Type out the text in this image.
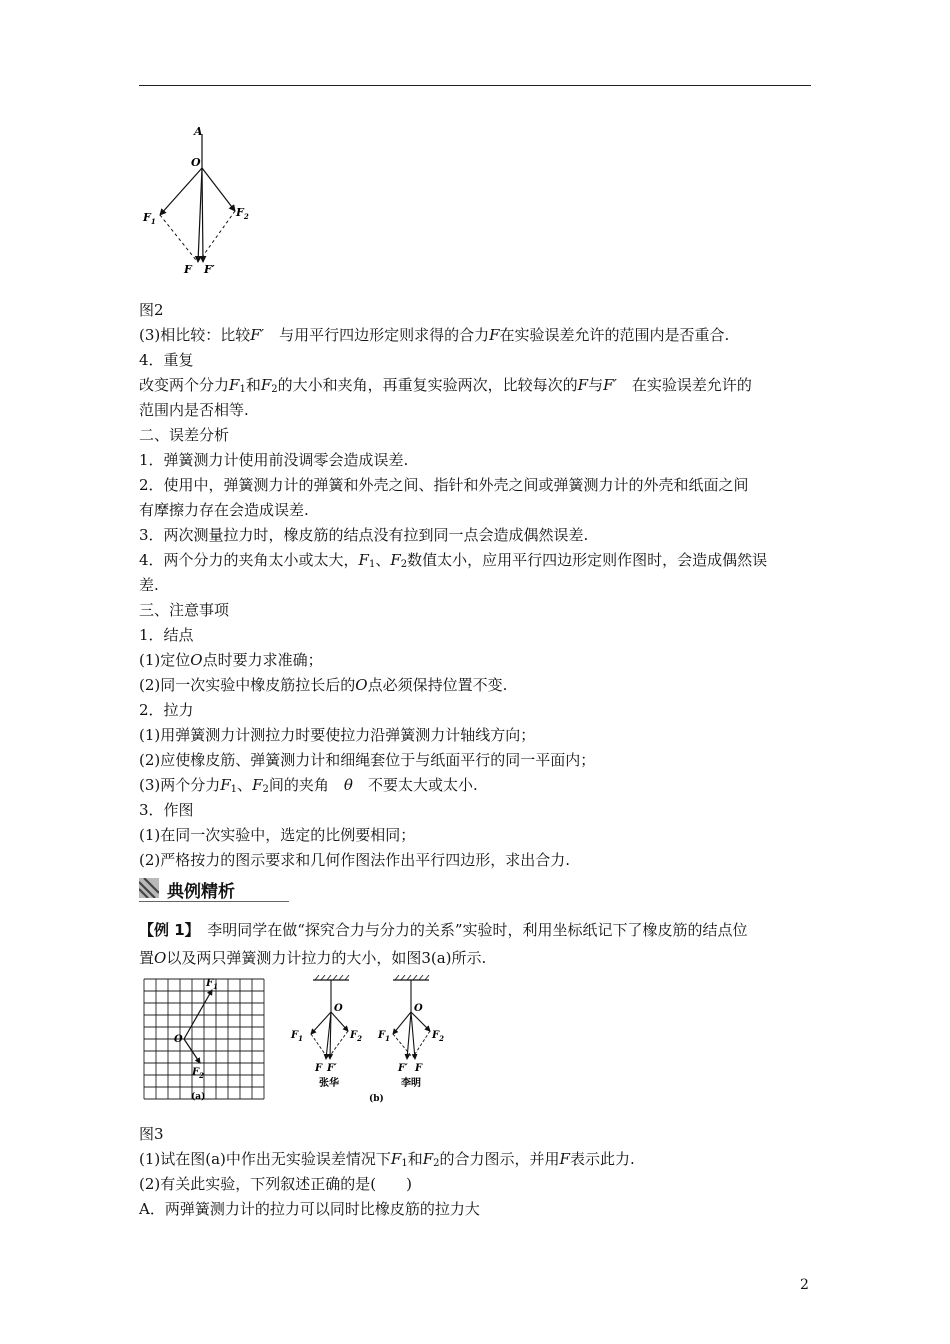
A
O
$F_1$
$F_2$
F F′
图2
(3)相比较：比较F′　 与用平行四边形定则求得的合力F在实验误差允许的范围内是否重合.
4．重复
改变两个分力$F_1$和$F_2$的大小和夹角，再重复实验两次，比较每次的F与F′　 在实验误差允许的
范围内是否相等.
二、误差分析
1．弹簧测力计使用前没调零会造成误差.
2．使用中，弹簧测力计的弹簧和外壳之间、指针和外壳之间或弹簧测力计的外壳和纸面之间
有摩擦力存在会造成误差.
3．两次测量拉力时，橡皮筋的结点没有拉到同一点会造成偶然误差.
4．两个分力的夹角太小或太大，$F_1$、$F_2$数值太小，应用平行四边形定则作图时，会造成偶然误
差.
三、注意事项
1．结点
(1)定位O点时要力求准确；
(2)同一次实验中橡皮筋拉长后的O点必须保持位置不变.
2．拉力
(1)用弹簧测力计测拉力时要使拉力沿弹簧测力计轴线方向；
(2)应使橡皮筋、弹簧测力计和细绳套位于与纸面平行的同一平面内；
(3)两个分力$F_1$、$F_2$间的夹角　 θ　 不要太大或太小.
3．作图
(1)在同一次实验中，选定的比例要相同；
(2)严格按力的图示要求和几何作图法作出平行四边形，求出合力.
典例精析
【例 1】　 李明同学在做“探究合力与分力的关系”实验时，利用坐标纸记下了橡皮筋的结点位
置O以及两只弹簧测力计拉力的大小，如图3(a)所示.
$F_1$
O
$F_2$
(a)
O
$F_1$	$F_2$
F F′
张华
(b)
O
$F_1$	$F_2$
F′ F
李明
图3
(1)试在图(a)中作出无实验误差情况下$F_1$和$F_2$的合力图示，并用F表示此力.
(2)有关此实验，下列叙述正确的是(　　)
A．两弹簧测力计的拉力可以同时比橡皮筋的拉力大
2
